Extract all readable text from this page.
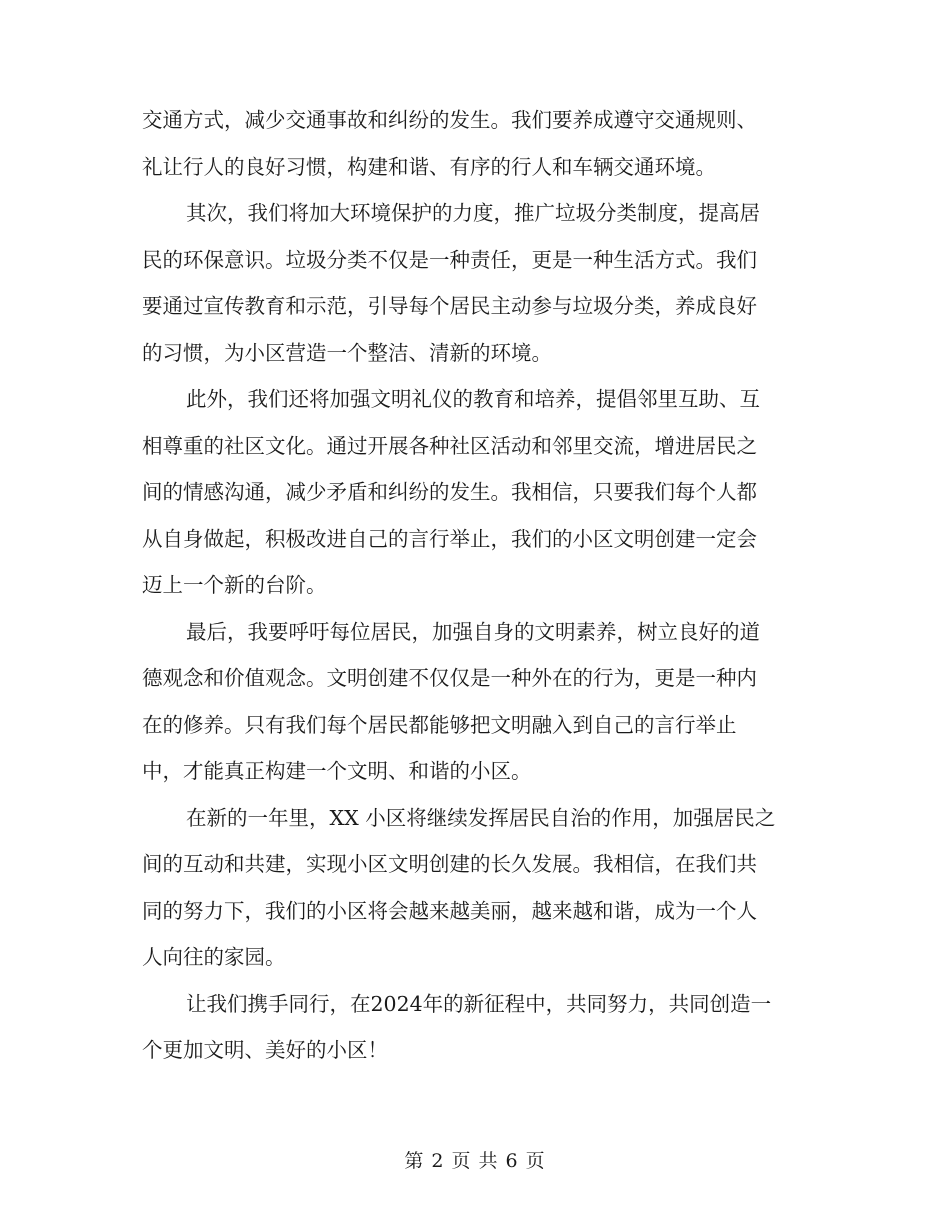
交通方式，减少交通事故和纠纷的发生。我们要养成遵守交通规则、
礼让行人的良好习惯，构建和谐、有序的行人和车辆交通环境。
其次，我们将加大环境保护的力度，推广垃圾分类制度，提高居
民的环保意识。垃圾分类不仅是一种责任，更是一种生活方式。我们
要通过宣传教育和示范，引导每个居民主动参与垃圾分类，养成良好
的习惯，为小区营造一个整洁、清新的环境。
此外，我们还将加强文明礼仪的教育和培养，提倡邻里互助、互
相尊重的社区文化。通过开展各种社区活动和邻里交流，增进居民之
间的情感沟通，减少矛盾和纠纷的发生。我相信，只要我们每个人都
从自身做起，积极改进自己的言行举止，我们的小区文明创建一定会
迈上一个新的台阶。
最后，我要呼吁每位居民，加强自身的文明素养，树立良好的道
德观念和价值观念。文明创建不仅仅是一种外在的行为，更是一种内
在的修养。只有我们每个居民都能够把文明融入到自己的言行举止
中，才能真正构建一个文明、和谐的小区。
在新的一年里，XX 小区将继续发挥居民自治的作用，加强居民之
间的互动和共建，实现小区文明创建的长久发展。我相信，在我们共
同的努力下，我们的小区将会越来越美丽，越来越和谐，成为一个人
人向往的家园。
让我们携手同行，在2024年的新征程中，共同努力，共同创造一
个更加文明、美好的小区！
第 2 页 共 6 页
